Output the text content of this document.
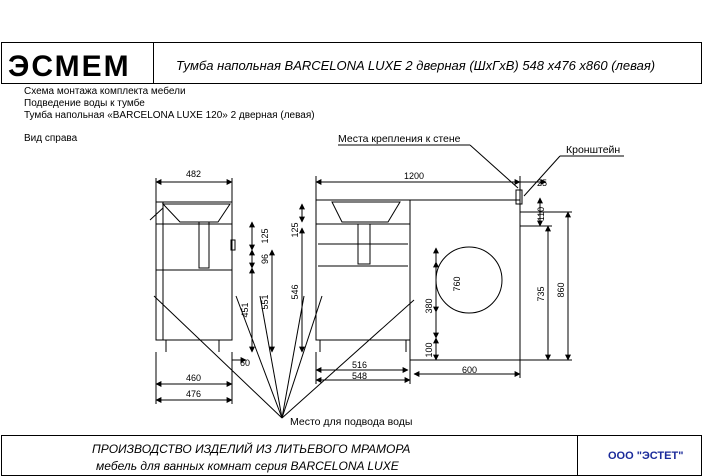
ЭСМЕМ	Тумба напольная BARCELONA LUXE 2 дверная (ШхГхВ) 548 х476 х860 (левая)
Схема монтажа комплекта мебели
Подведение воды к тумбе
Тумба напольная «BARCELONA LUXE 120» 2 дверная (левая)
Вид справа
482
125
96
451
551
60
460
476
125
546
1200
516
548
760
380
100
600
25
110
735 860
Места крепления к стене
Кронштейн
Место для подвода воды
ПРОИЗВОДСТВО ИЗДЕЛИЙ ИЗ ЛИТЬЕВОГО МРАМОРА
мебель для ванных комнат серия BARCELONA LUXE
ООО "ЭСТЕТ"
